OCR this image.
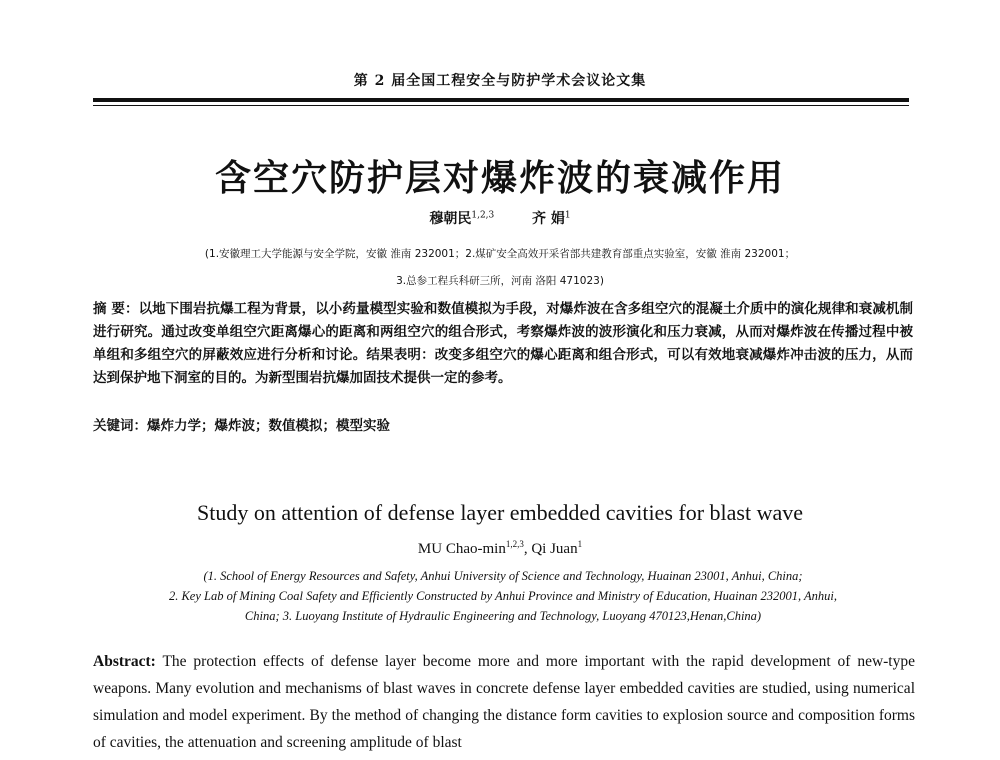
第 2 届全国工程安全与防护学术会议论文集
含空穴防护层对爆炸波的衰减作用
穆朝民$^{1,2,3}$	齐 娟$^1$
(1.安徽理工大学能源与安全学院，安徽 淮南 232001；2.煤矿安全高效开采省部共建教育部重点实验室，安徽 淮南 232001；
3.总参工程兵科研三所，河南 洛阳 471023)
摘 要：以地下围岩抗爆工程为背景，以小药量模型实验和数值模拟为手段，对爆炸波在含多组空穴的混凝土介质中的演化规律和衰减机制进行研究。通过改变单组空穴距离爆心的距离和两组空穴的组合形式，考察爆炸波的波形演化和压力衰减，从而对爆炸波在传播过程中被单组和多组空穴的屏蔽效应进行分析和讨论。结果表明：改变多组空穴的爆心距离和组合形式，可以有效地衰减爆炸冲击波的压力，从而达到保护地下洞室的目的。为新型围岩抗爆加固技术提供一定的参考。
关键词：爆炸力学；爆炸波；数值模拟；模型实验
Study on attention of defense layer embedded cavities for blast wave
MU Chao-$\min^{1,2,3}$, Qi Juan$^1$
(1. School of Energy Resources and Safety, Anhui University of Science and Technology, Huainan 23001, Anhui, China;
2. Key Lab of Mining Coal Safety and Efficiently Constructed by Anhui Province and Ministry of Education, Huainan 232001, Anhui,
China; 3. Luoyang Institute of Hydraulic Engineering and Technology, Luoyang 470123,Henan,China)
Abstract: The protection effects of defense layer become more and more important with the rapid development of new-type weapons. Many evolution and mechanisms of blast waves in concrete defense layer embedded cavities are studied, using numerical simulation and model experiment. By the method of changing the distance form cavities to explosion source and composition forms of cavities, the attenuation and screening amplitude of blast
